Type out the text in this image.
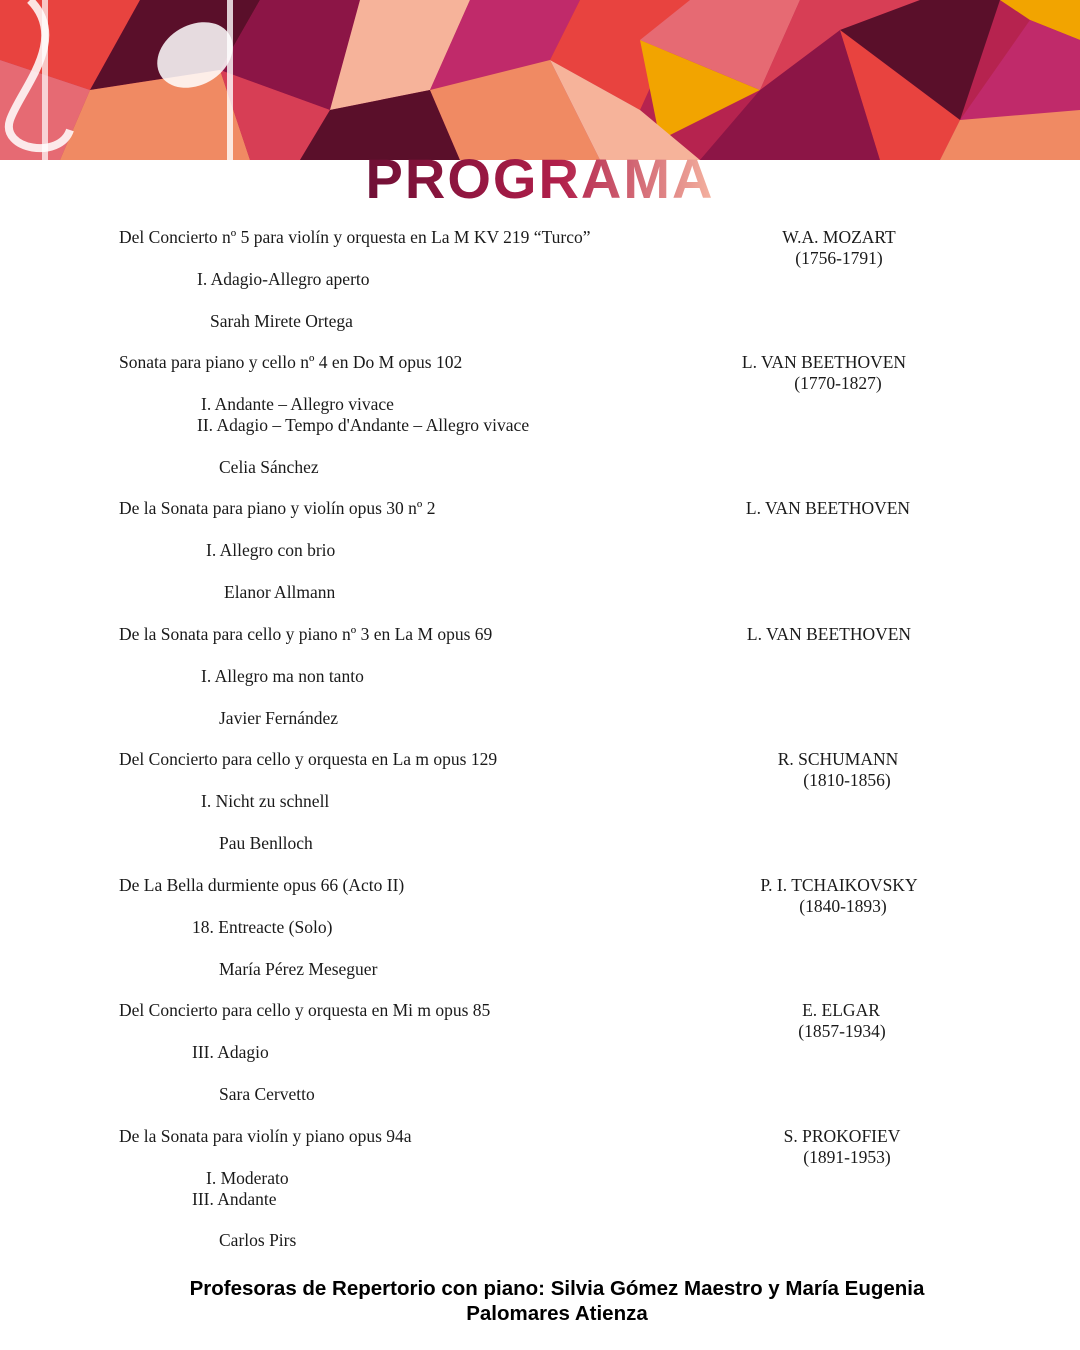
PROGRAMA
Del Concierto nº 5 para violín y orquesta en La M KV 219 “Turco”
I. Adagio-Allegro aperto
Sarah Mirete Ortega
W.A. MOZART
(1756-1791)
Sonata para piano y cello nº 4 en Do M opus 102
I. Andante – Allegro vivace
II. Adagio – Tempo d'Andante – Allegro vivace
Celia Sánchez
L. VAN BEETHOVEN
(1770-1827)
De la Sonata para piano y violín opus 30 nº 2
I. Allegro con brio
Elanor Allmann
L. VAN BEETHOVEN
De la Sonata para cello y piano nº 3 en La M opus 69
I. Allegro ma non tanto
Javier Fernández
L. VAN BEETHOVEN
Del Concierto para cello y orquesta en La m opus 129
I. Nicht zu schnell
Pau Benlloch
R. SCHUMANN
(1810-1856)
De La Bella durmiente opus 66 (Acto II)
18. Entreacte (Solo)
María Pérez Meseguer
P. I. TCHAIKOVSKY
(1840-1893)
Del Concierto para cello y orquesta en Mi m opus 85
III. Adagio
Sara Cervetto
E. ELGAR
(1857-1934)
De la Sonata para violín y piano opus 94a
I. Moderato
III. Andante
Carlos Pirs
S. PROKOFIEV
(1891-1953)
Profesoras de Repertorio con piano: Silvia Gómez Maestro y María Eugenia
Palomares Atienza
